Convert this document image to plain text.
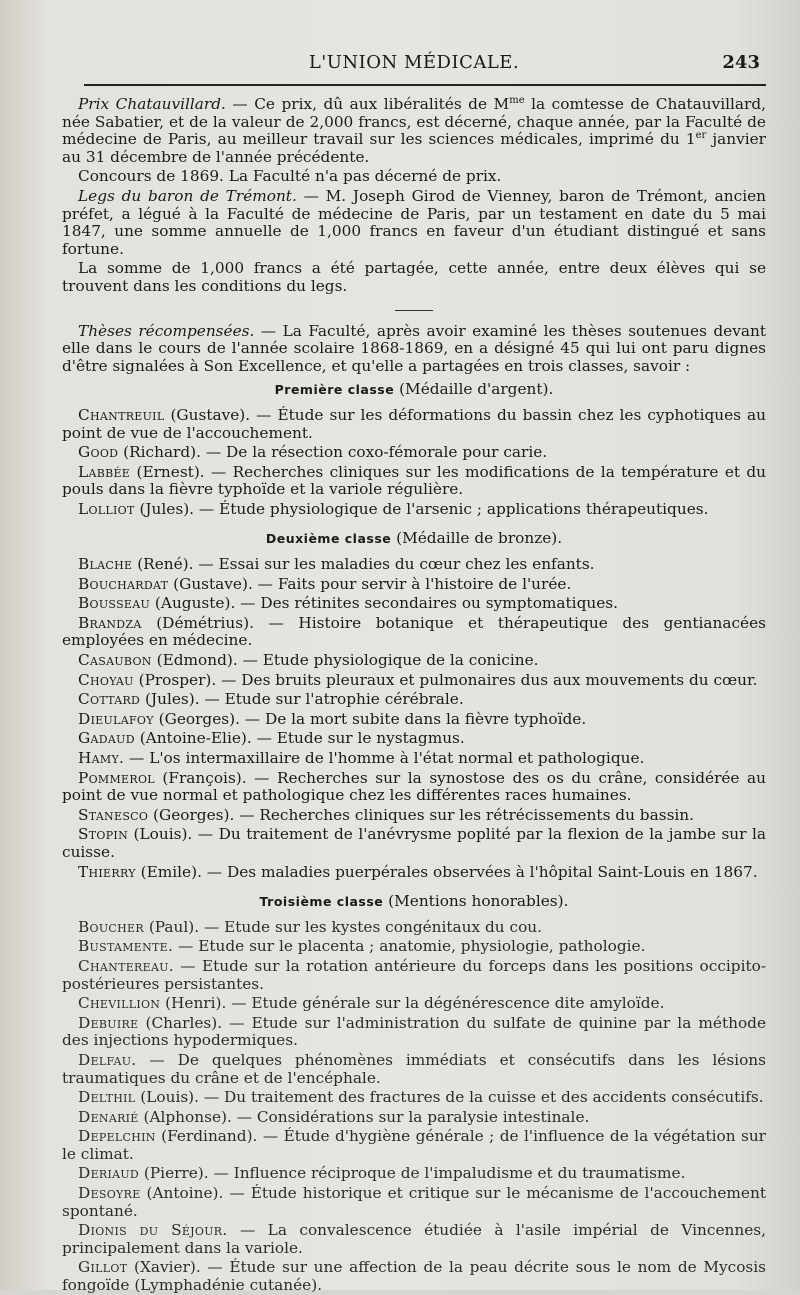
L'UNION MÉDICALE.	243

Prix Chatauvillard. — Ce prix, dû aux libéralités de $M^{me}$ la comtesse de Chatauvillard, née Sabatier, et de la valeur de 2,000 francs, est décerné, chaque année, par la Faculté de médecine de Paris, au meilleur travail sur les sciences médicales, imprimé du 1er janvier au 31 décembre de l'année précédente.

Concours de 1869. La Faculté n'a pas décerné de prix.

Legs du baron de Trémont. — M. Joseph Girod de Vienney, baron de Trémont, ancien préfet, a légué à la Faculté de médecine de Paris, par un testament en date du 5 mai 1847, une somme annuelle de 1,000 francs en faveur d'un étudiant distingué et sans fortune.

La somme de 1,000 francs a été partagée, cette année, entre deux élèves qui se trouvent dans les conditions du legs.

Thèses récompensées. — La Faculté, après avoir examiné les thèses soutenues devant elle dans le cours de l'année scolaire 1868-1869, en a désigné 45 qui lui ont paru dignes d'être signalées à Son Excellence, et qu'elle a partagées en trois classes, savoir :

Première classe (Médaille d'argent).

Chantreuil (Gustave). — Étude sur les déformations du bassin chez les cyphotiques au point de vue de l'accouchement.

Good (Richard). — De la résection coxo-fémorale pour carie.

Labbée (Ernest). — Recherches cliniques sur les modifications de la température et du pouls dans la fièvre typhoïde et la variole régulière.

Lolliot (Jules). — Étude physiologique de l'arsenic ; applications thérapeutiques.

Deuxième classe (Médaille de bronze).

Blache (René). — Essai sur les maladies du cœur chez les enfants.

Bouchardat (Gustave). — Faits pour servir à l'histoire de l'urée.

Bousseau (Auguste). — Des rétinites secondaires ou symptomatiques.

Brandza (Démétrius). — Histoire botanique et thérapeutique des gentianacées employées en médecine.

Casaubon (Edmond). — Etude physiologique de la conicine.

Choyau (Prosper). — Des bruits pleuraux et pulmonaires dus aux mouvements du cœur.

Cottard (Jules). — Etude sur l'atrophie cérébrale.

Dieulafoy (Georges). — De la mort subite dans la fièvre typhoïde.

Gadaud (Antoine-Elie). — Etude sur le nystagmus.

Hamy. — L'os intermaxillaire de l'homme à l'état normal et pathologique.

Pommerol (François). — Recherches sur la synostose des os du crâne, considérée au point de vue normal et pathologique chez les différentes races humaines.

Stanesco (Georges). — Recherches cliniques sur les rétrécissements du bassin.

Stopin (Louis). — Du traitement de l'anévrysme poplité par la flexion de la jambe sur la cuisse.

Thierry (Emile). — Des maladies puerpérales observées à l'hôpital Saint-Louis en 1867.

Troisième classe (Mentions honorables).

Boucher (Paul). — Etude sur les kystes congénitaux du cou.

Bustamente. — Etude sur le placenta ; anatomie, physiologie, pathologie.

Chantereau. — Etude sur la rotation antérieure du forceps dans les positions occipito-postérieures persistantes.

Chevillion (Henri). — Etude générale sur la dégénérescence dite amyloïde.

Debuire (Charles). — Etude sur l'administration du sulfate de quinine par la méthode des injections hypodermiques.

Delfau. — De quelques phénomènes immédiats et consécutifs dans les lésions traumatiques du crâne et de l'encéphale.

Delthil (Louis). — Du traitement des fractures de la cuisse et des accidents consécutifs.

Denarié (Alphonse). — Considérations sur la paralysie intestinale.

Depelchin (Ferdinand). — Étude d'hygiène générale ; de l'influence de la végétation sur le climat.

Deriaud (Pierre). — Influence réciproque de l'impaludisme et du traumatisme.

Desoyre (Antoine). — Étude historique et critique sur le mécanisme de l'accouchement spontané.

Dionis du Séjour. — La convalescence étudiée à l'asile impérial de Vincennes, principalement dans la variole.

Gillot (Xavier). — Étude sur une affection de la peau décrite sous le nom de Mycosis fongoïde (Lymphadénie cutanée).
